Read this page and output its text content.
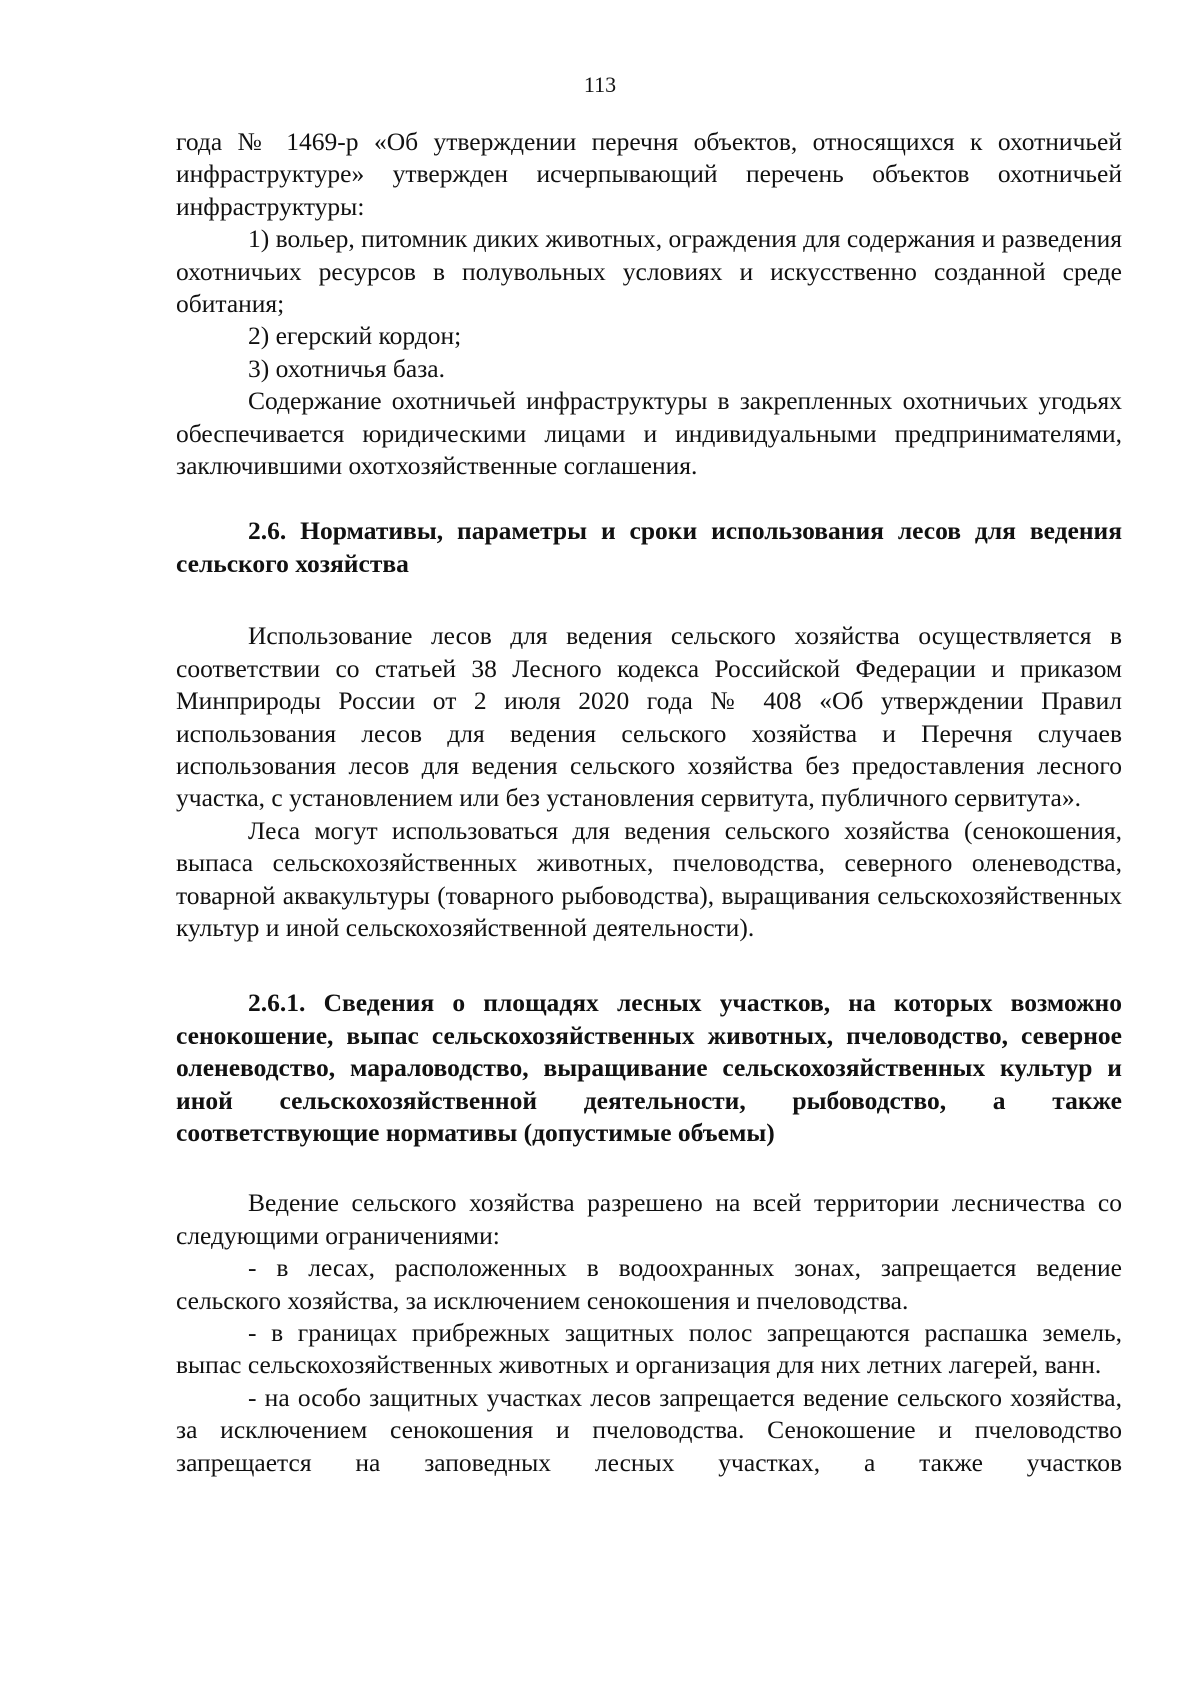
113

года № 1469-р «Об утверждении перечня объектов, относящихся к охотничьей инфраструктуре» утвержден исчерпывающий перечень объектов охотничьей инфраструктуры:

1) вольер, питомник диких животных, ограждения для содержания и разведения охотничьих ресурсов в полувольных условиях и искусственно созданной среде обитания;

2) егерский кордон;

3) охотничья база.

Содержание охотничьей инфраструктуры в закрепленных охотничьих угодьях обеспечивается юридическими лицами и индивидуальными предпринимателями, заключившими охотхозяйственные соглашения.

2.6. Нормативы, параметры и сроки использования лесов для ведения сельского хозяйства

Использование лесов для ведения сельского хозяйства осуществляется в соответствии со статьей 38 Лесного кодекса Российской Федерации и приказом Минприроды России от 2 июля 2020 года № 408 «Об утверждении Правил использования лесов для ведения сельского хозяйства и Перечня случаев использования лесов для ведения сельского хозяйства без предоставления лесного участка, с установлением или без установления сервитута, публичного сервитута».

Леса могут использоваться для ведения сельского хозяйства (сенокошения, выпаса сельскохозяйственных животных, пчеловодства, северного оленеводства, товарной аквакультуры (товарного рыбоводства), выращивания сельскохозяйственных культур и иной сельскохозяйственной деятельности).

2.6.1. Сведения о площадях лесных участков, на которых возможно сенокошение, выпас сельскохозяйственных животных, пчеловодство, северное оленеводство, мараловодство, выращивание сельскохозяйственных культур и иной сельскохозяйственной деятельности, рыбоводство, а также соответствующие нормативы (допустимые объемы)

Ведение сельского хозяйства разрешено на всей территории лесничества со следующими ограничениями:

- в лесах, расположенных в водоохранных зонах, запрещается ведение сельского хозяйства, за исключением сенокошения и пчеловодства.

- в границах прибрежных защитных полос запрещаются распашка земель, выпас сельскохозяйственных животных и организация для них летних лагерей, ванн.

- на особо защитных участках лесов запрещается ведение сельского хозяйства, за исключением сенокошения и пчеловодства. Сенокошение и пчеловодство запрещается на заповедных лесных участках, а также участков
